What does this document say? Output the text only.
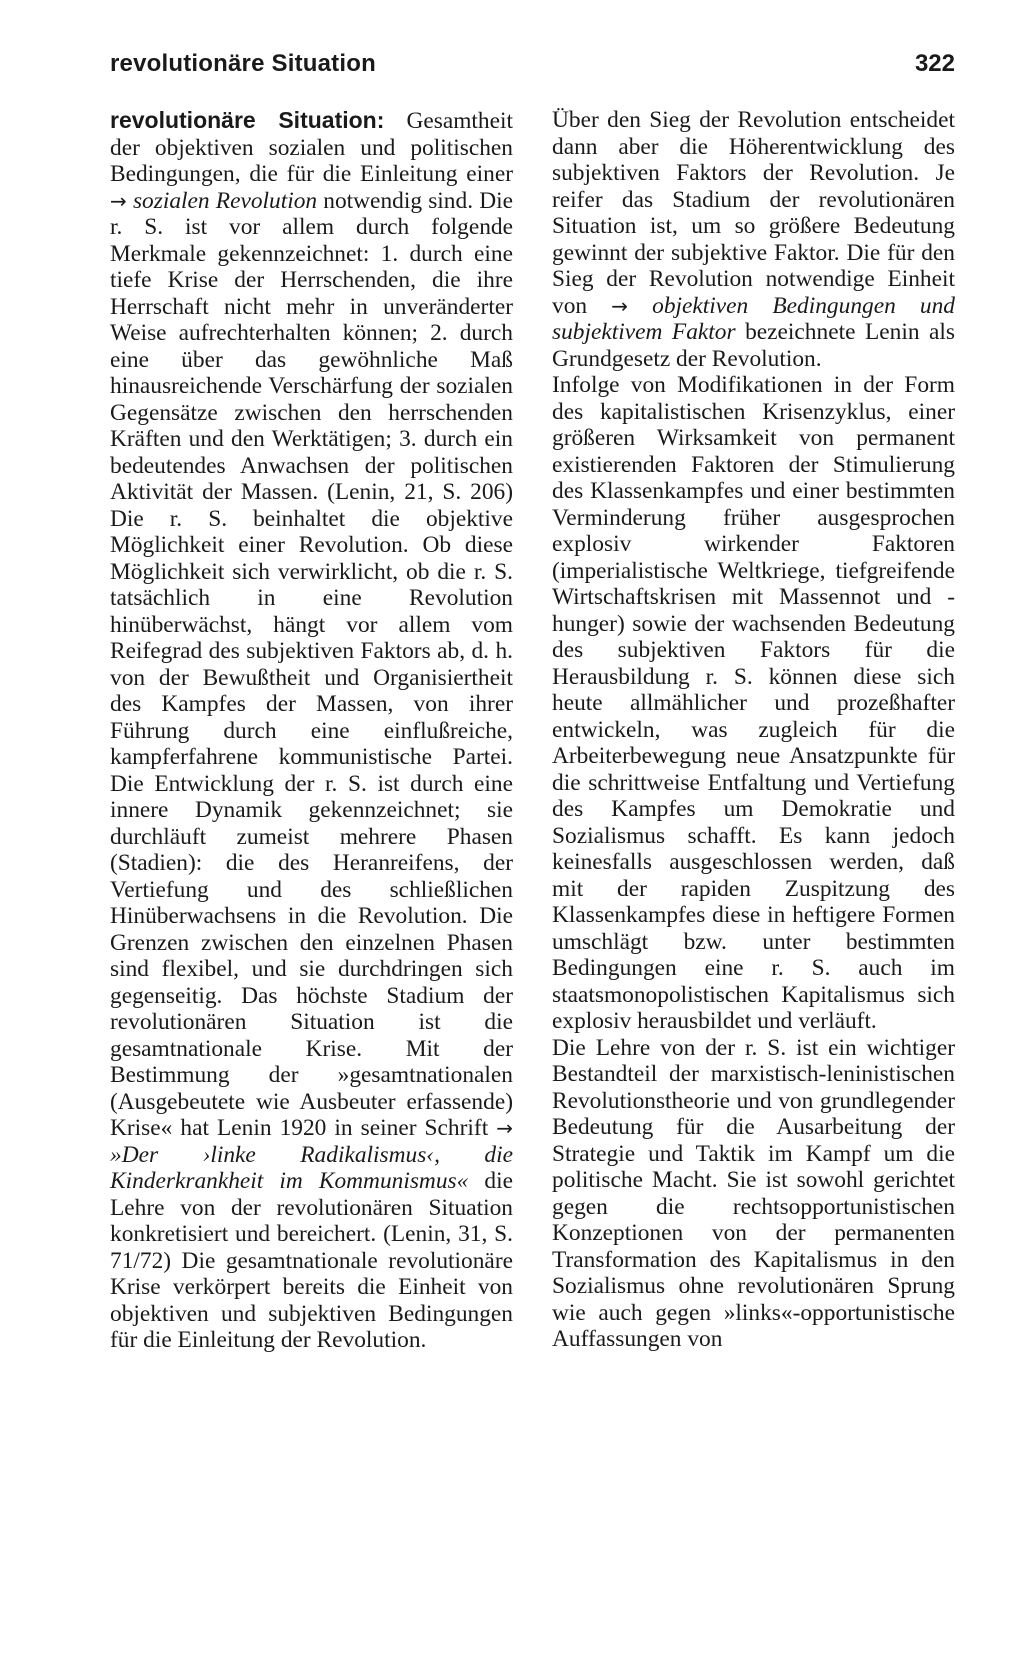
revolutionäre Situation	322

revolutionäre Situation: Gesamtheit der objektiven sozialen und politischen Bedingungen, die für die Einleitung einer → sozialen Revolution notwendig sind. Die r. S. ist vor allem durch folgende Merkmale gekennzeichnet: 1. durch eine tiefe Krise der Herrschenden, die ihre Herrschaft nicht mehr in unveränderter Weise aufrechterhalten können; 2. durch eine über das gewöhnliche Maß hinausreichende Verschärfung der sozialen Gegensätze zwischen den herrschenden Kräften und den Werktätigen; 3. durch ein bedeutendes Anwachsen der politischen Aktivität der Massen. (Lenin, 21, S. 206) Die r. S. beinhaltet die objektive Möglichkeit einer Revolution. Ob diese Möglichkeit sich verwirklicht, ob die r. S. tatsächlich in eine Revolution hinüberwächst, hängt vor allem vom Reifegrad des subjektiven Faktors ab, d. h. von der Bewußtheit und Organisiertheit des Kampfes der Massen, von ihrer Führung durch eine einflußreiche, kampferfahrene kommunistische Partei. Die Entwicklung der r. S. ist durch eine innere Dynamik gekennzeichnet; sie durchläuft zumeist mehrere Phasen (Stadien): die des Heranreifens, der Vertiefung und des schließlichen Hinüberwachsens in die Revolution. Die Grenzen zwischen den einzelnen Phasen sind flexibel, und sie durchdringen sich gegenseitig. Das höchste Stadium der revolutionären Situation ist die gesamtnationale Krise. Mit der Bestimmung der »gesamtnationalen (Ausgebeutete wie Ausbeuter erfassende) Krise« hat Lenin 1920 in seiner Schrift → »Der ›linke Radikalismus‹, die Kinderkrankheit im Kommunismus« die Lehre von der revolutionären Situation konkretisiert und bereichert. (Lenin, 31, S. 71/72) Die gesamtnationale revolutionäre Krise verkörpert bereits die Einheit von objektiven und subjektiven Bedingungen für die Einleitung der Revolution.

Über den Sieg der Revolution entscheidet dann aber die Höherentwicklung des subjektiven Faktors der Revolution. Je reifer das Stadium der revolutionären Situation ist, um so größere Bedeutung gewinnt der subjektive Faktor. Die für den Sieg der Revolution notwendige Einheit von → objektiven Bedingungen und subjektivem Faktor bezeichnete Lenin als Grundgesetz der Revolution.

Infolge von Modifikationen in der Form des kapitalistischen Krisenzyklus, einer größeren Wirksamkeit von permanent existierenden Faktoren der Stimulierung des Klassenkampfes und einer bestimmten Verminderung früher ausgesprochen explosiv wirkender Faktoren (imperialistische Weltkriege, tiefgreifende Wirtschaftskrisen mit Massennot und -hunger) sowie der wachsenden Bedeutung des subjektiven Faktors für die Herausbildung r. S. können diese sich heute allmählicher und prozeßhafter entwickeln, was zugleich für die Arbeiterbewegung neue Ansatzpunkte für die schrittweise Entfaltung und Vertiefung des Kampfes um Demokratie und Sozialismus schafft. Es kann jedoch keinesfalls ausgeschlossen werden, daß mit der rapiden Zuspitzung des Klassenkampfes diese in heftigere Formen umschlägt bzw. unter bestimmten Bedingungen eine r. S. auch im staatsmonopolistischen Kapitalismus sich explosiv herausbildet und verläuft.

Die Lehre von der r. S. ist ein wichtiger Bestandteil der marxistisch-leninistischen Revolutionstheorie und von grundlegender Bedeutung für die Ausarbeitung der Strategie und Taktik im Kampf um die politische Macht. Sie ist sowohl gerichtet gegen die rechtsopportunistischen Konzeptionen von der permanenten Transformation des Kapitalismus in den Sozialismus ohne revolutionären Sprung wie auch gegen »links«-opportunistische Auffassungen von
